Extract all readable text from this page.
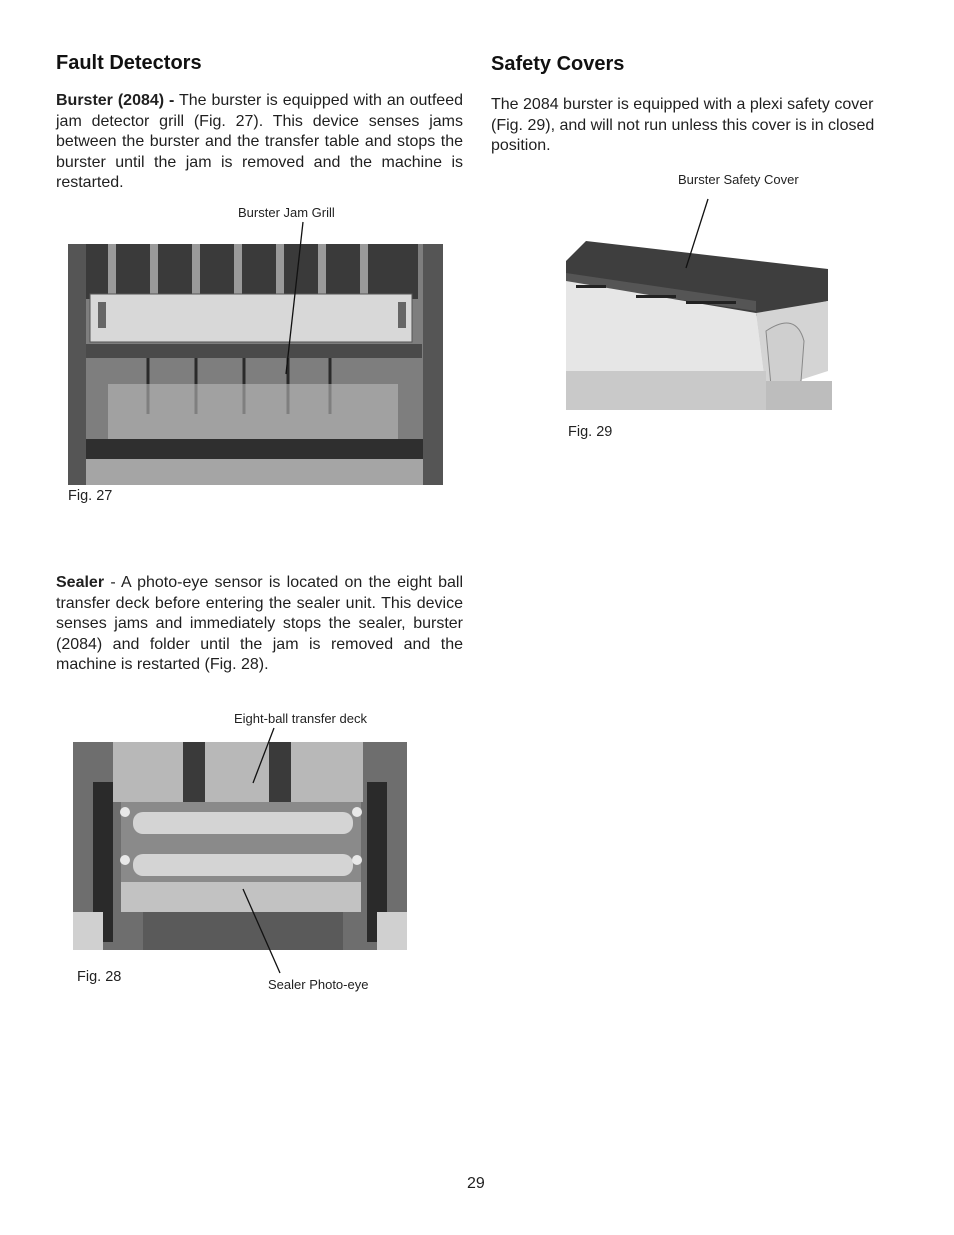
Fault Detectors
Burster (2084) - The burster is equipped with an outfeed jam detector grill (Fig. 27). This device senses jams between the burster and the transfer table and stops the burster until the jam is removed and the machine is restarted.
Burster Jam Grill
Fig. 27
Sealer - A photo-eye sensor is located on the eight ball transfer deck before entering the sealer unit. This device senses jams and immediately stops the sealer, burster (2084) and folder until the jam is removed and the machine is restarted (Fig. 28).
Eight-ball transfer deck
Fig. 28	Sealer Photo-eye
Safety Covers
The 2084 burster is equipped with a plexi safety cover (Fig. 29), and will not run unless this cover is in closed position.
Burster Safety Cover
Fig. 29
29
